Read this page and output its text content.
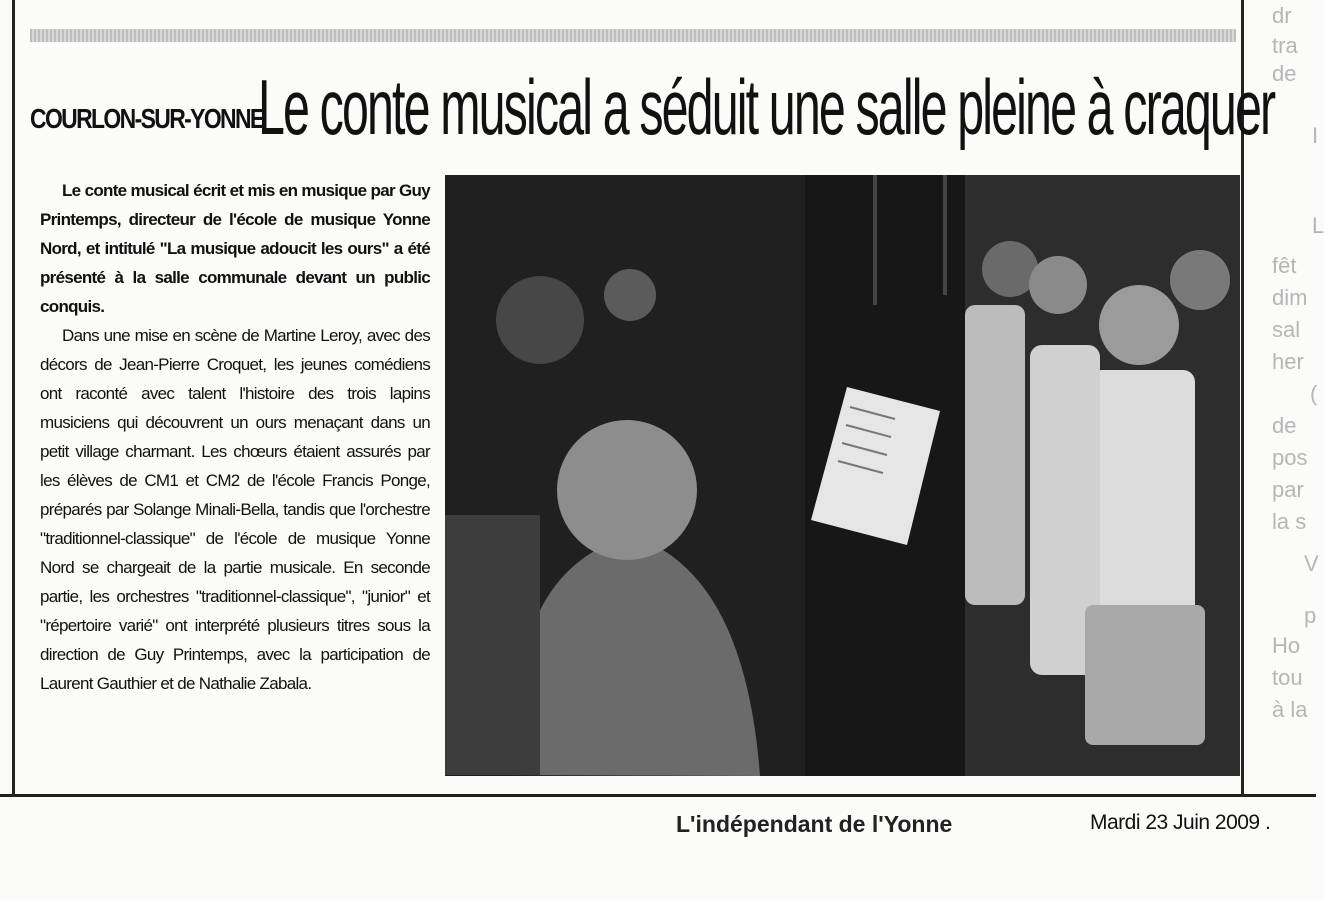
COURLON-SUR-YONNE
Le conte musical a séduit une salle pleine à craquer

Le conte musical écrit et mis en musique par Guy Printemps, directeur de l'école de musique Yonne Nord, et intitulé "La musique adoucit les ours" a été présenté à la salle communale devant un public conquis.

Dans une mise en scène de Martine Leroy, avec des décors de Jean-Pierre Croquet, les jeunes comédiens ont raconté avec talent l'histoire des trois lapins musiciens qui découvrent un ours menaçant dans un petit village charmant. Les chœurs étaient assurés par les élèves de CM1 et CM2 de l'école Francis Ponge, préparés par Solange Minali-Bella, tandis que l'orchestre "traditionnel-classique" de l'école de musique Yonne Nord se chargeait de la partie musicale. En seconde partie, les orchestres "traditionnel-classique", "junior" et "répertoire varié" ont interprété plusieurs titres sous la direction de Guy Printemps, avec la participation de Laurent Gauthier et de Nathalie Zabala.

dr
tra
de
I
L
fêt
dim
sal
her
(
de
pos
par
la s
V
p
Ho
tou
à la
L'indépendant de l'Yonne	Mardi 23 Juin 2009 .
